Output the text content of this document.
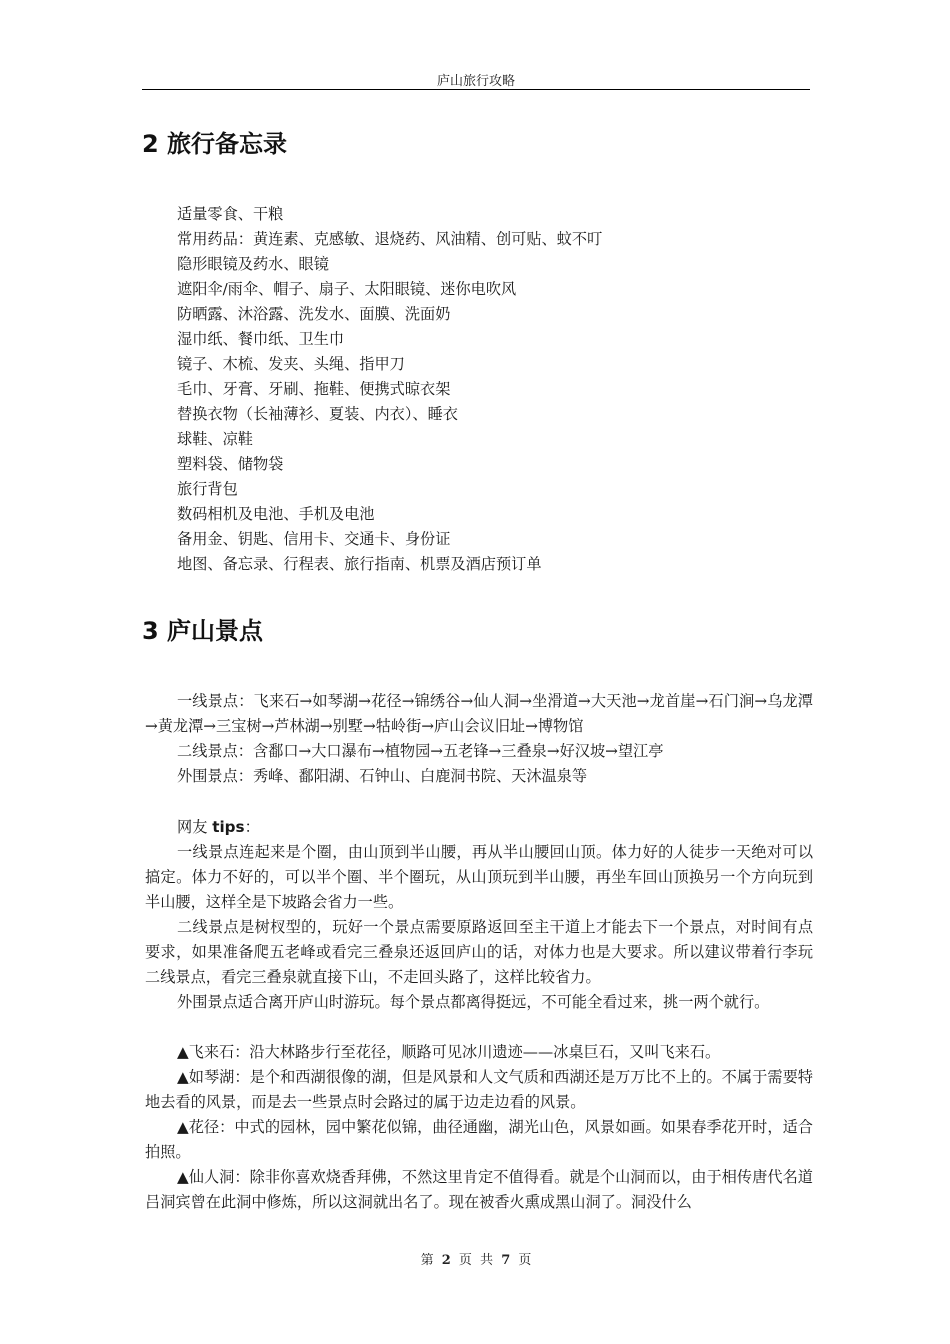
庐山旅行攻略
2 旅行备忘录

适量零食、干粮

常用药品：黄连素、克感敏、退烧药、风油精、创可贴、蚊不叮

隐形眼镜及药水、眼镜

遮阳伞/雨伞、帽子、扇子、太阳眼镜、迷你电吹风

防晒露、沐浴露、洗发水、面膜、洗面奶

湿巾纸、餐巾纸、卫生巾

镜子、木梳、发夹、头绳、指甲刀

毛巾、牙膏、牙刷、拖鞋、便携式晾衣架

替换衣物（长袖薄衫、夏装、内衣）、睡衣

球鞋、凉鞋

塑料袋、储物袋

旅行背包

数码相机及电池、手机及电池

备用金、钥匙、信用卡、交通卡、身份证

地图、备忘录、行程表、旅行指南、机票及酒店预订单

3 庐山景点

一线景点：飞来石→如琴湖→花径→锦绣谷→仙人洞→坐滑道→大天池→龙首崖→石门涧→乌龙潭→黄龙潭→三宝树→芦林湖→别墅→牯岭街→庐山会议旧址→博物馆

二线景点：含鄱口→大口瀑布→植物园→五老锋→三叠泉→好汉坡→望江亭

外围景点：秀峰、鄱阳湖、石钟山、白鹿洞书院、天沐温泉等

网友 tips：

一线景点连起来是个圈，由山顶到半山腰，再从半山腰回山顶。体力好的人徒步一天绝对可以搞定。体力不好的，可以半个圈、半个圈玩，从山顶玩到半山腰，再坐车回山顶换另一个方向玩到半山腰，这样全是下坡路会省力一些。

二线景点是树杈型的，玩好一个景点需要原路返回至主干道上才能去下一个景点，对时间有点要求，如果准备爬五老峰或看完三叠泉还返回庐山的话，对体力也是大要求。所以建议带着行李玩二线景点，看完三叠泉就直接下山，不走回头路了，这样比较省力。

外围景点适合离开庐山时游玩。每个景点都离得挺远，不可能全看过来，挑一两个就行。

▲飞来石：沿大林路步行至花径，顺路可见冰川遗迹——冰桌巨石，又叫飞来石。

▲如琴湖：是个和西湖很像的湖，但是风景和人文气质和西湖还是万万比不上的。不属于需要特地去看的风景，而是去一些景点时会路过的属于边走边看的风景。

▲花径：中式的园林，园中繁花似锦，曲径通幽，湖光山色，风景如画。如果春季花开时，适合拍照。

▲仙人洞：除非你喜欢烧香拜佛，不然这里肯定不值得看。就是个山洞而以，由于相传唐代名道吕洞宾曾在此洞中修炼，所以这洞就出名了。现在被香火熏成黑山洞了。洞没什么

第 2 页 共 7 页
